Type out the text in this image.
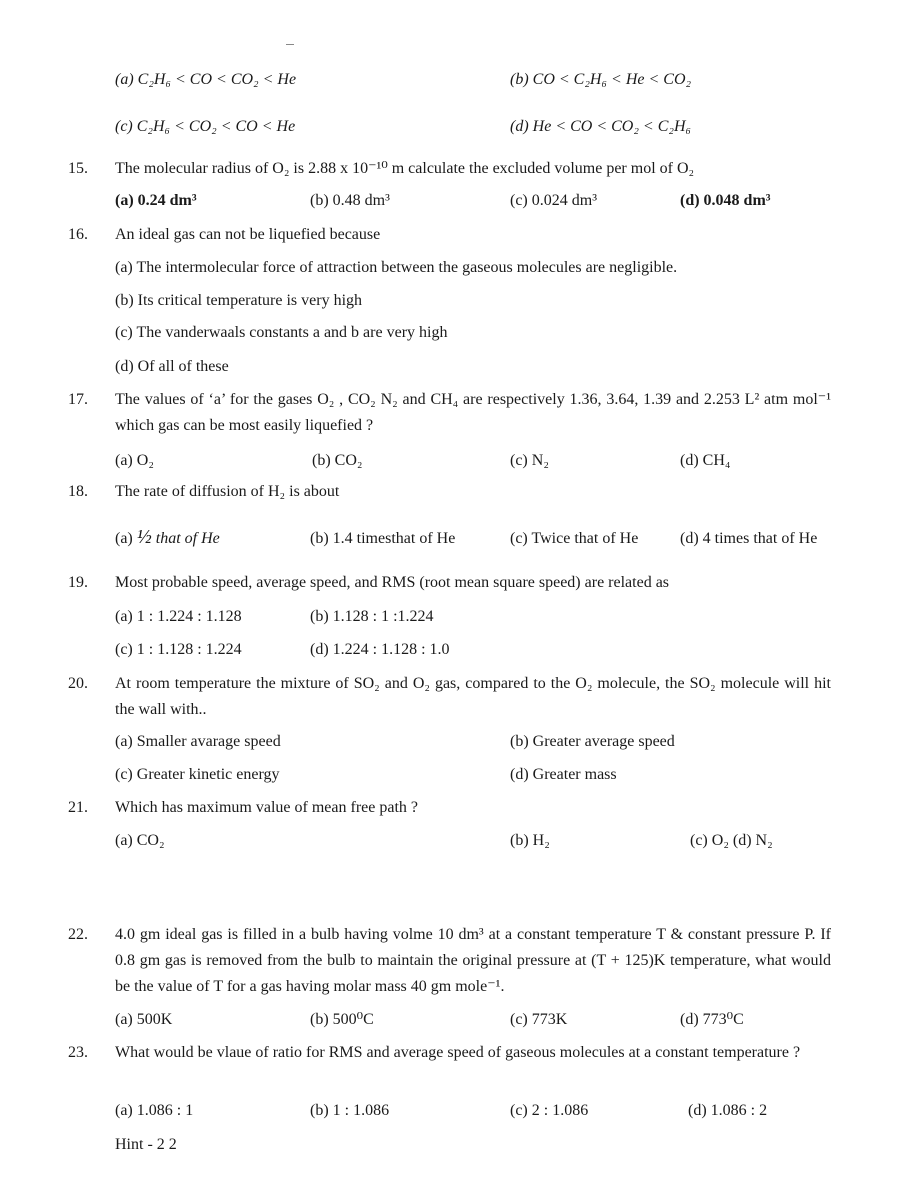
(a) C₂H₆ < CO < CO₂ < He	(b) CO < C₂H₆ < He < CO₂
(c) C₂H₆ < CO₂ < CO < He	(d) He < CO < CO₂ < C₂H₆
15.	The molecular radius of O₂ is 2.88 x 10⁻¹⁰ m calculate the excluded volume per mol of O₂
(a) 0.24 dm³	(b) 0.48 dm³	(c) 0.024 dm³	(d) 0.048 dm³
16.	An ideal gas can not be liquefied because
(a) The intermolecular force of attraction between the gaseous molecules are negligible.
(b) Its critical temperature is very high
(c) The vanderwaals constants a and b are very high
(d) Of all of these
17.	The values of ‘a’ for the gases O₂ , CO₂ N₂ and CH₄ are respectively 1.36, 3.64, 1.39 and 2.253 L² atm mol⁻¹ which gas can be most easily liquefied ?
(a) O₂	(b) CO₂	(c) N₂	(d) CH₄
18.	The rate of diffusion of H₂ is about
(a) ½ that of He	(b) 1.4 timesthat of He	(c) Twice that of He	(d) 4 times that of He
19.	Most probable speed, average speed, and RMS (root mean square speed) are related as
(a) 1 : 1.224 : 1.128	(b) 1.128 : 1 :1.224
(c) 1 : 1.128 : 1.224	(d) 1.224 : 1.128 : 1.0
20.	At room temperature the mixture of SO₂ and O₂ gas, compared to the O₂ molecule, the SO₂ molecule will hit the wall with..
(a) Smaller avarage speed	(b) Greater average speed
(c) Greater kinetic energy	(d) Greater mass
21.	Which has maximum value of mean free path ?
(a) CO₂	(b) H₂	(c) O₂ (d) N₂
22.	4.0 gm ideal gas is filled in a bulb having volme 10 dm³ at a constant temperature T & constant pressure P. If 0.8 gm gas is removed from the bulb to maintain the original pressure at (T + 125)K temperature, what would be the value of T for a gas having molar mass 40 gm mole⁻¹.
(a) 500K	(b) 500⁰C	(c) 773K	(d) 773⁰C
23.	What would be vlaue of ratio for RMS and average speed of gaseous molecules at a constant temperature ?
(a) 1.086 : 1	(b) 1 : 1.086	(c) 2 : 1.086	(d) 1.086 : 2
Hint - 2 2
